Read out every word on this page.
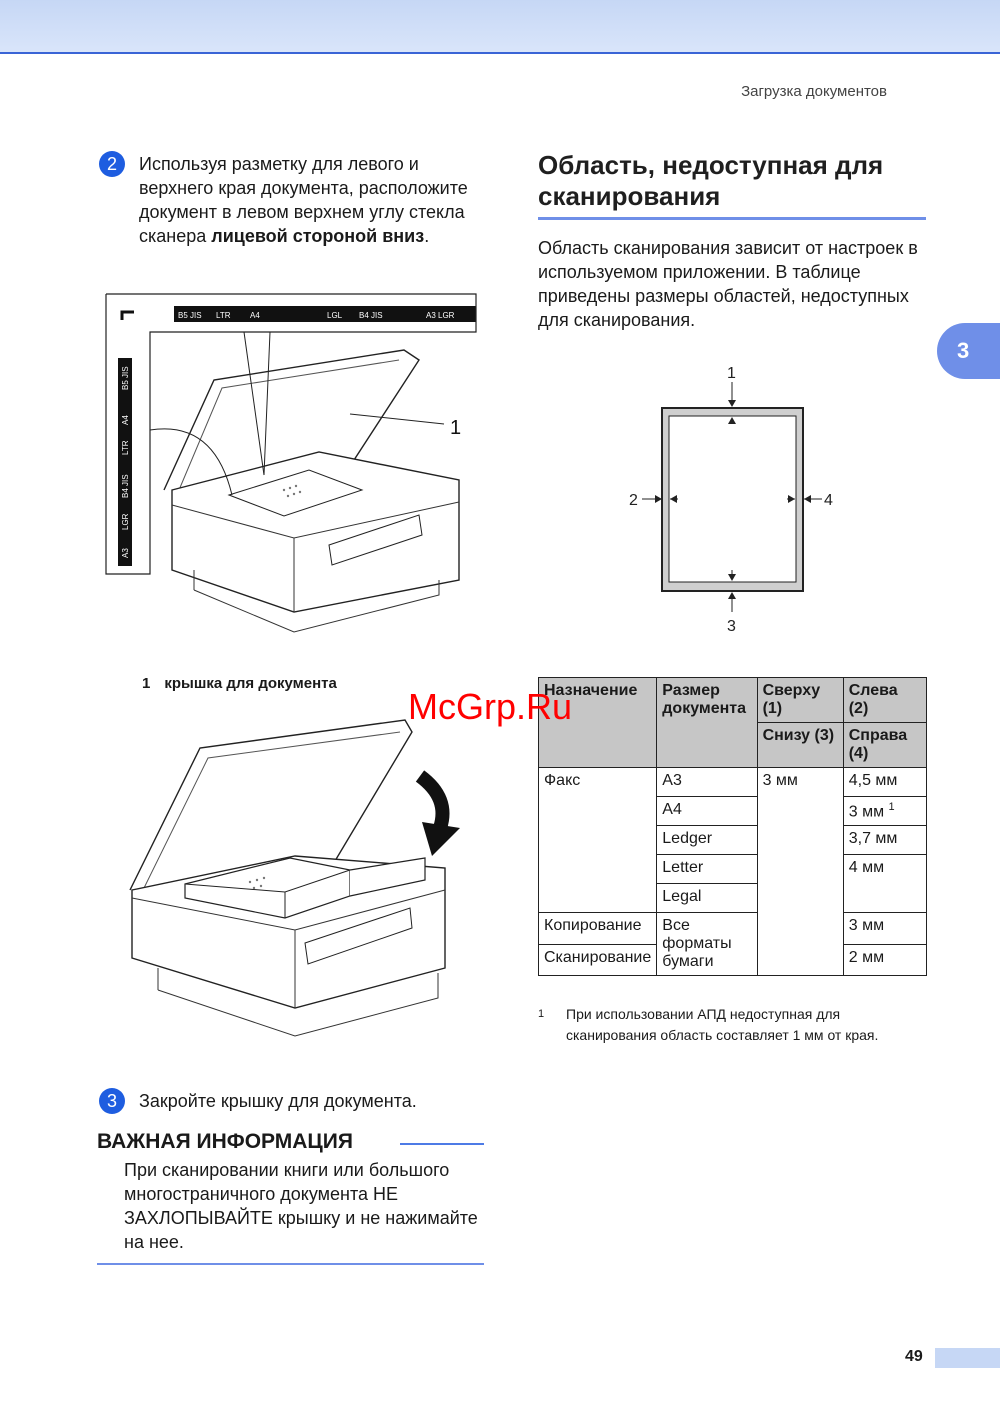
Загрузка документов
3
2	Используя разметку для левого и верхнего края документа, расположите документ в левом верхнем углу стекла сканера лицевой стороной вниз.
B5 JIS LTR A4	LGL B4 JIS	A3 LGR
B5 JIS
A4
LTR
B4 JIS
LGR
A3
1
1 крышка для документа
3	Закройте крышку для документа.
ВАЖНАЯ ИНФОРМАЦИЯ
При сканировании книги или большого многостраничного документа НЕ ЗАХЛОПЫВАЙТЕ крышку и не нажимайте на нее.
Область, недоступная для сканирования
Область сканирования зависит от настроек в используемом приложении. В таблице приведены размеры областей, недоступных для сканирования.
1
2
3
4
Назначение	Размер документа	Сверху (1)	Слева (2)
		Снизу (3)	Справа (4)
Факс	A3	3 мм	4,5 мм
	A4		3 мм $^1$
	Ledger		3,7 мм
	Letter		4 мм
	Legal		
Копирование	Все форматы бумаги		3 мм
Сканирование			2 мм
1	При использовании АПД недоступная для сканирования область составляет 1 мм от края.
McGrp.Ru
49
